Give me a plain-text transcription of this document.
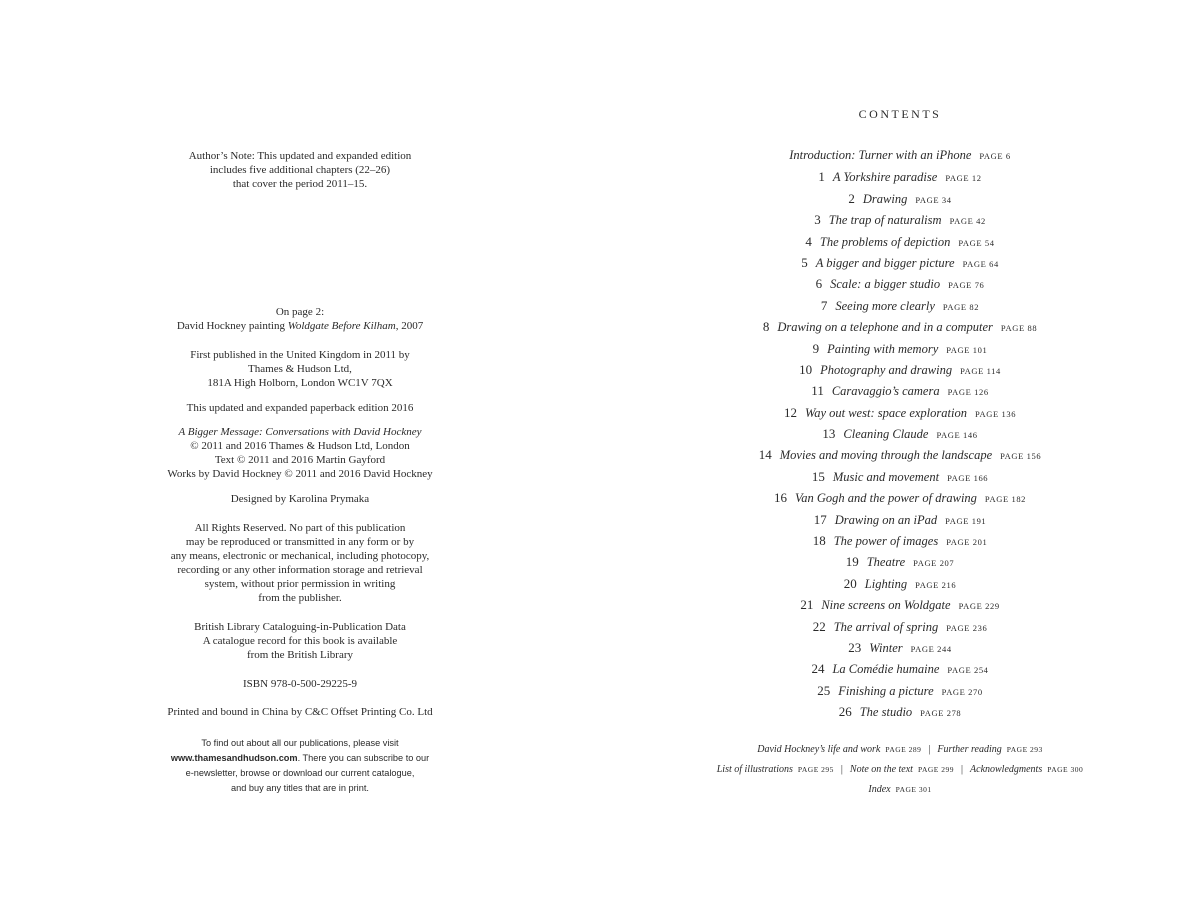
Author’s Note: This updated and expanded edition
includes five additional chapters (22–26)
that cover the period 2011–15.
On page 2:
David Hockney painting Woldgate Before Kilham, 2007
First published in the United Kingdom in 2011 by
Thames & Hudson Ltd,
181A High Holborn, London WC1V 7QX
This updated and expanded paperback edition 2016
A Bigger Message: Conversations with David Hockney
© 2011 and 2016 Thames & Hudson Ltd, London
Text © 2011 and 2016 Martin Gayford
Works by David Hockney © 2011 and 2016 David Hockney
Designed by Karolina Prymaka
All Rights Reserved. No part of this publication
may be reproduced or transmitted in any form or by
any means, electronic or mechanical, including photocopy,
recording or any other information storage and retrieval
system, without prior permission in writing
from the publisher.
British Library Cataloguing-in-Publication Data
A catalogue record for this book is available
from the British Library
ISBN 978-0-500-29225-9
Printed and bound in China by C&C Offset Printing Co. Ltd
To find out about all our publications, please visit
www.thamesandhudson.com. There you can subscribe to our
e-newsletter, browse or download our current catalogue,
and buy any titles that are in print.
CONTENTS
Introduction: Turner with an iPhone PAGE 6
1 A Yorkshire paradise PAGE 12
2 Drawing PAGE 34
3 The trap of naturalism PAGE 42
4 The problems of depiction PAGE 54
5 A bigger and bigger picture PAGE 64
6 Scale: a bigger studio PAGE 76
7 Seeing more clearly PAGE 82
8 Drawing on a telephone and in a computer PAGE 88
9 Painting with memory PAGE 101
10 Photography and drawing PAGE 114
11 Caravaggio’s camera PAGE 126
12 Way out west: space exploration PAGE 136
13 Cleaning Claude PAGE 146
14 Movies and moving through the landscape PAGE 156
15 Music and movement PAGE 166
16 Van Gogh and the power of drawing PAGE 182
17 Drawing on an iPad PAGE 191
18 The power of images PAGE 201
19 Theatre PAGE 207
20 Lighting PAGE 216
21 Nine screens on Woldgate PAGE 229
22 The arrival of spring PAGE 236
23 Winter PAGE 244
24 La Comédie humaine PAGE 254
25 Finishing a picture PAGE 270
26 The studio PAGE 278
David Hockney’s life and work PAGE 289 | Further reading PAGE 293
List of illustrations PAGE 295 | Note on the text PAGE 299 | Acknowledgments PAGE 300
Index PAGE 301
